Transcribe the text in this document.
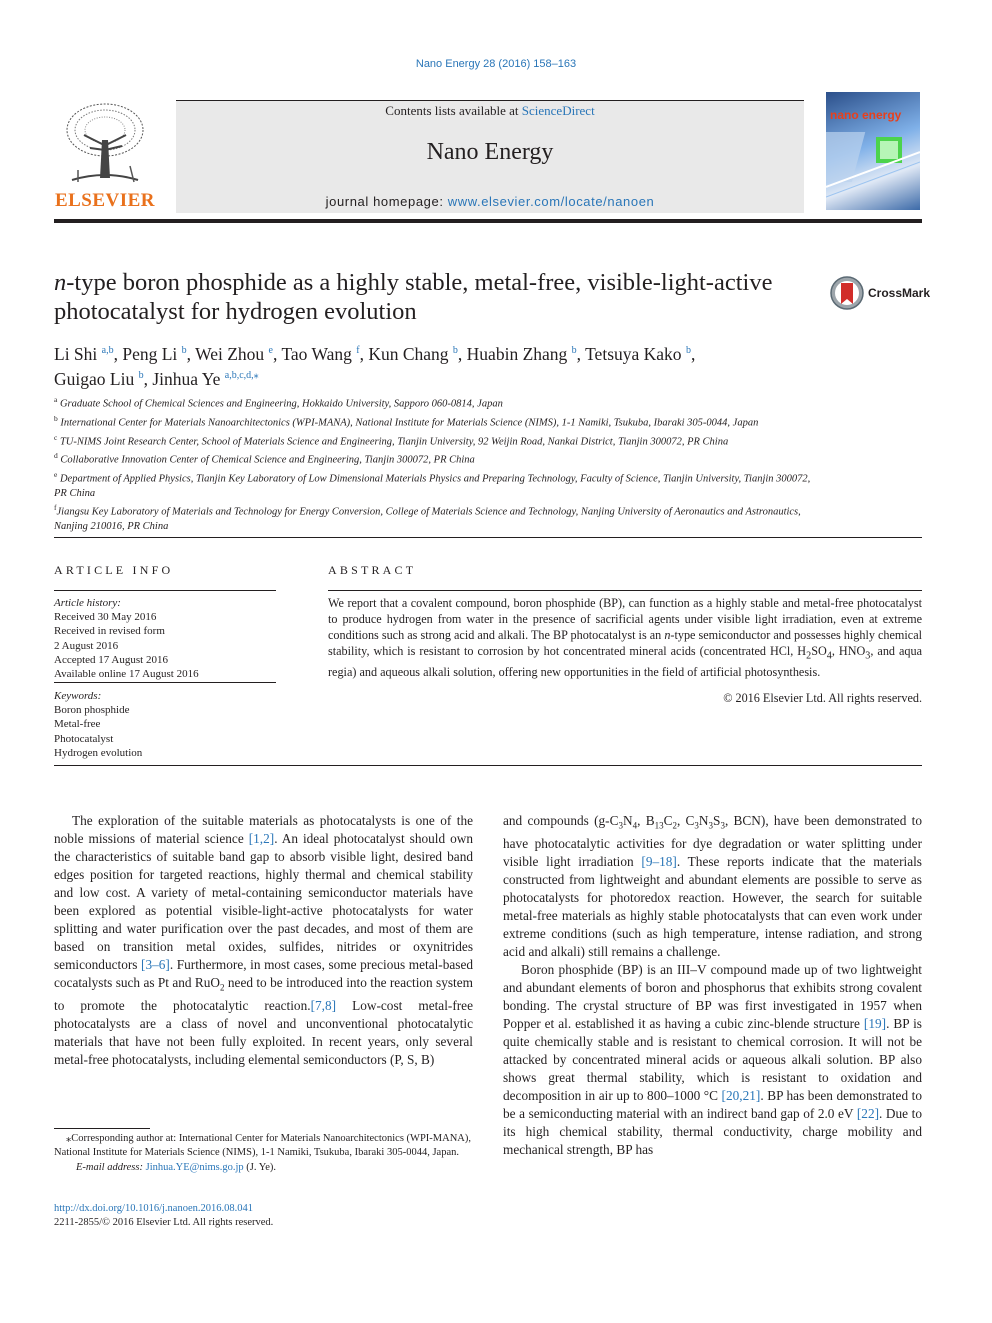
Nano Energy 28 (2016) 158–163
ELSEVIER
Contents lists available at ScienceDirect
Nano Energy
journal homepage: www.elsevier.com/locate/nanoen
nano energy
n-type boron phosphide as a highly stable, metal-free, visible-light-active photocatalyst for hydrogen evolution
CrossMark
Li Shi $^{a,b}$, Peng Li $^b$, Wei Zhou $^e$, Tao Wang $^f$, Kun Chang $^b$, Huabin Zhang $^b$, Tetsuya Kako $^b$,
Guigao Liu $^b$, Jinhua Ye $^{a,b,c,d,⁎}$
$^a$ Graduate School of Chemical Sciences and Engineering, Hokkaido University, Sapporo 060-0814, Japan
$^b$ International Center for Materials Nanoarchitectonics (WPI-MANA), National Institute for Materials Science (NIMS), 1-1 Namiki, Tsukuba, Ibaraki 305-0044, Japan
$^c$ TU-NIMS Joint Research Center, School of Materials Science and Engineering, Tianjin University, 92 Weijin Road, Nankai District, Tianjin 300072, PR China
$^d$ Collaborative Innovation Center of Chemical Science and Engineering, Tianjin 300072, PR China
$^e$ Department of Applied Physics, Tianjin Key Laboratory of Low Dimensional Materials Physics and Preparing Technology, Faculty of Science, Tianjin University, Tianjin 300072, PR China
$^f$Jiangsu Key Laboratory of Materials and Technology for Energy Conversion, College of Materials Science and Technology, Nanjing University of Aeronautics and Astronautics, Nanjing 210016, PR China
ARTICLE INFO
Article history:
Received 30 May 2016
Received in revised form
2 August 2016
Accepted 17 August 2016
Available online 17 August 2016
Keywords:
Boron phosphide
Metal-free
Photocatalyst
Hydrogen evolution
ABSTRACT
We report that a covalent compound, boron phosphide (BP), can function as a highly stable and metal-free photocatalyst to produce hydrogen from water in the presence of sacrificial agents under visible light irradiation, even at extreme conditions such as strong acid and alkali. The BP photocatalyst is an n-type semiconductor and possesses highly chemical stability, which is resistant to corrosion by hot concentrated mineral acids (concentrated HCl, $H_2SO_4$, $HNO_3$, and aqua regia) and aqueous alkali solution, offering new opportunities in the field of artificial photosynthesis.
© 2016 Elsevier Ltd. All rights reserved.

The exploration of the suitable materials as photocatalysts is one of the noble missions of material science [1,2]. An ideal photocatalyst should own the characteristics of suitable band gap to absorb visible light, desired band edges position for targeted reactions, highly thermal and chemical stability and low cost. A variety of metal-containing semiconductor materials have been explored as potential visible-light-active photocatalysts for water splitting and water purification over the past decades, and most of them are based on transition metal oxides, sulfides, nitrides or oxynitrides semiconductors [3–6]. Furthermore, in most cases, some precious metal-based cocatalysts such as Pt and RuO$_2$ need to be introduced into the reaction system to promote the photocatalytic reaction.[7,8] Low-cost metal-free photocatalysts are a class of novel and unconventional photocatalytic materials that have not been fully exploited. In recent years, only several metal-free photocatalysts, including elemental semiconductors (P, S, B)

and compounds ($g-C_3N_4$, $B_{13}C_2$, $C_3N_3S_3$, BCN), have been demonstrated to have photocatalytic activities for dye degradation or water splitting under visible light irradiation [9–18]. These reports indicate that the materials constructed from lightweight and abundant elements are possible to serve as photocatalysts for photoredox reaction. However, the search for suitable metal-free materials as highly stable photocatalysts that can even work under extreme conditions (such as high temperature, intense radiation, and strong acid and alkali) still remains a challenge.

Boron phosphide (BP) is an III–V compound made up of two lightweight and abundant elements of boron and phosphorus that exhibits strong covalent bonding. The crystal structure of BP was first investigated in 1957 when Popper et al. established it as having a cubic zinc-blende structure [19]. BP is quite chemically stable and is resistant to chemical corrosion. It will not be attacked by concentrated mineral acids or aqueous alkali solution. BP also shows great thermal stability, which is resistant to oxidation and decomposition in air up to 800–1000 °C [20,21]. BP has been demonstrated to be a semiconducting material with an indirect band gap of 2.0 eV [22]. Due to its high chemical stability, thermal conductivity, charge mobility and mechanical strength, BP has

⁎Corresponding author at: International Center for Materials Nanoarchitectonics (WPI-MANA), National Institute for Materials Science (NIMS), 1-1 Namiki, Tsukuba, Ibaraki 305-0044, Japan.
E-mail address: Jinhua.YE@nims.go.jp (J. Ye).
http://dx.doi.org/10.1016/j.nanoen.2016.08.041
2211-2855/© 2016 Elsevier Ltd. All rights reserved.
